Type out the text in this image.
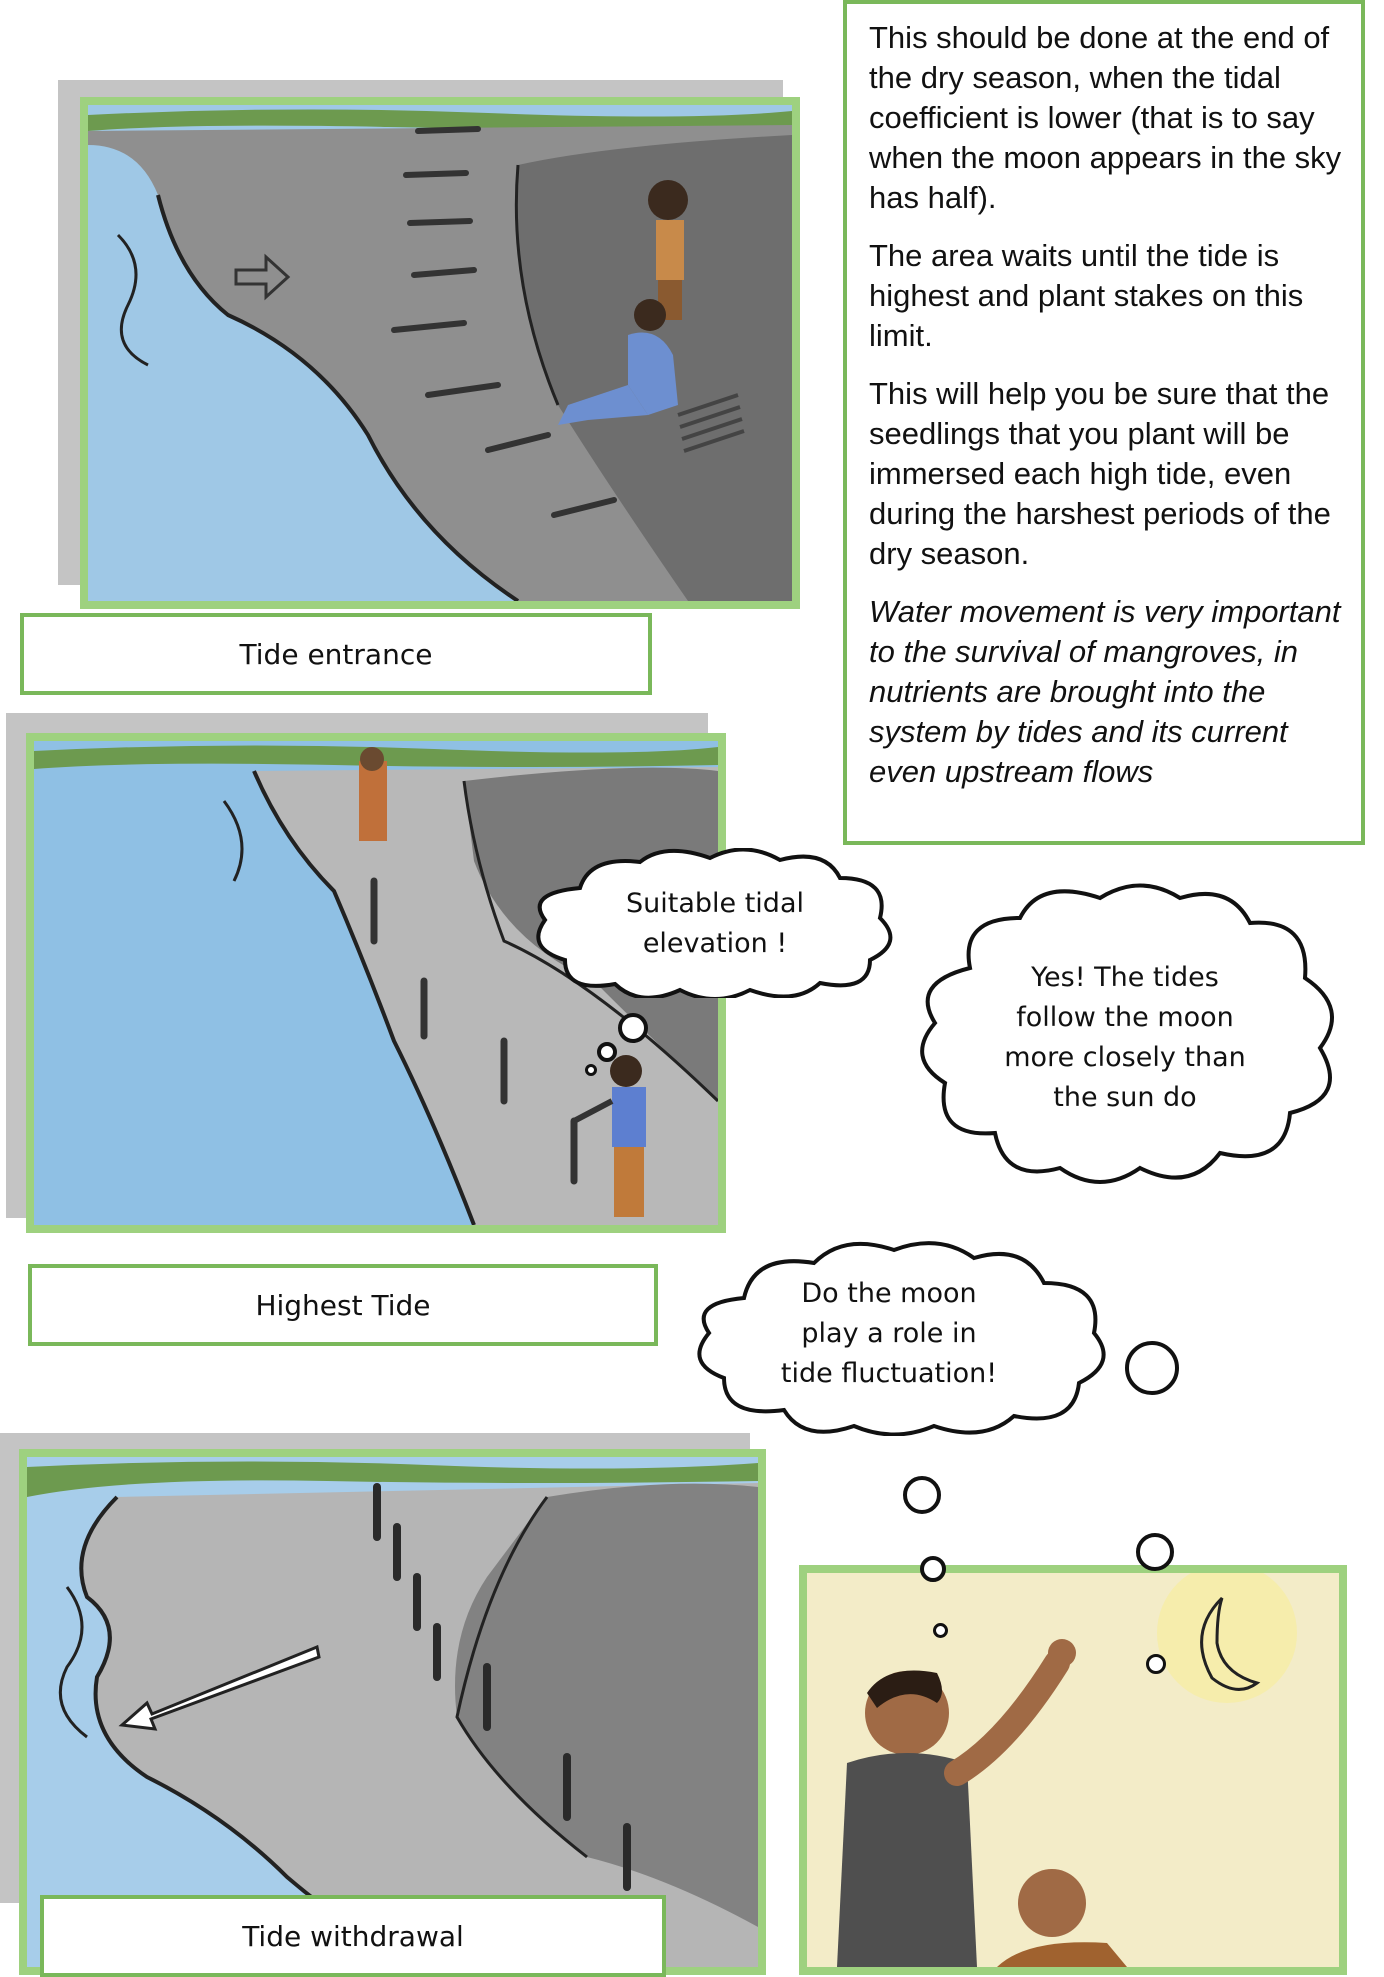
Tide entrance

This should be done at the end of the dry season, when the tidal coefficient is lower (that is to say when the moon appears in the sky has half).

The area waits until the tide is highest and plant stakes on this limit.

This will help you be sure that the seedlings that you plant will be immersed each high tide, even during the harshest periods of the dry season.

Water movement is very important to the survival of mangroves, in nutrients are brought into the system by tides and its current even upstream flows

Highest Tide
Tide withdrawal
Suitable tidal
elevation !
Yes! The tides
follow the moon
more closely than
the sun do
Do the moon
play a role in
tide fluctuation!
